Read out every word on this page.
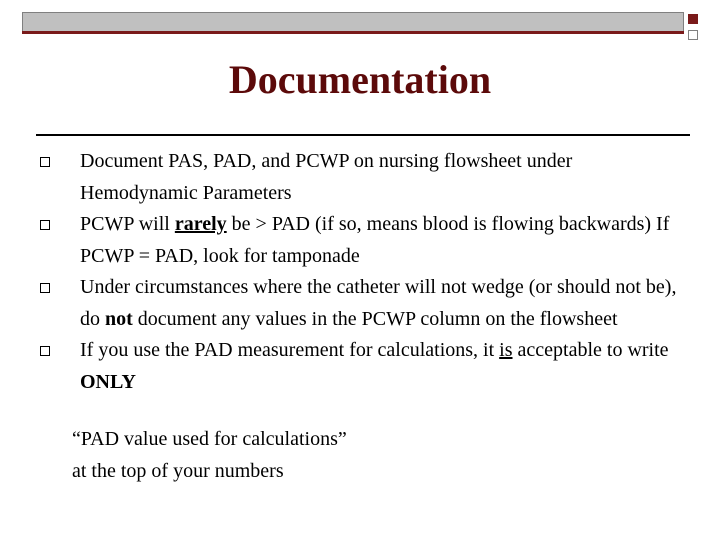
Documentation
Document PAS, PAD, and PCWP on nursing flowsheet under Hemodynamic Parameters
PCWP will rarely be > PAD (if so, means blood is flowing backwards) If PCWP = PAD, look for tamponade
Under circumstances where the catheter will not wedge (or should not be), do not document any values in the PCWP column on the flowsheet
If you use the PAD measurement for calculations, it is acceptable to write ONLY
“PAD value used for calculations”
at the top of your numbers
